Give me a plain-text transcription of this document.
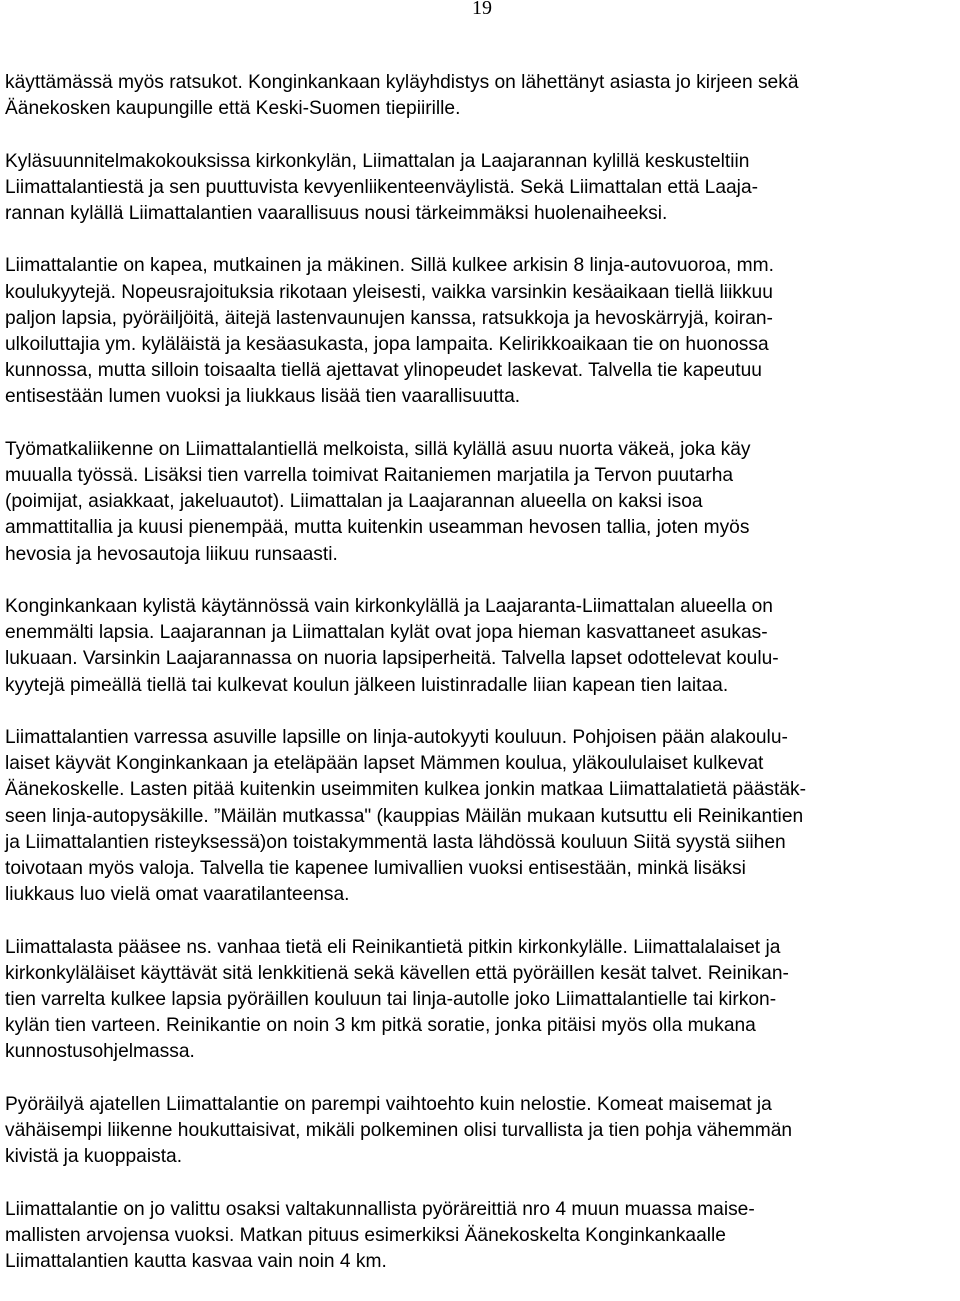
19

käyttämässä myös ratsukot. Konginkankaan kyläyhdistys on lähettänyt asiasta jo kirjeen sekä
Äänekosken kaupungille että Keski-Suomen tiepiirille.

Kyläsuunnitelmakokouksissa kirkonkylän, Liimattalan ja Laajarannan kylillä keskusteltiin
Liimattalantiestä ja sen puuttuvista kevyenliikenteenväylistä. Sekä Liimattalan että Laaja-
rannan kylällä Liimattalantien vaarallisuus nousi tärkeimmäksi huolenaiheeksi.

Liimattalantie on kapea, mutkainen ja mäkinen. Sillä kulkee arkisin 8 linja-autovuoroa, mm.
koulukyytejä. Nopeusrajoituksia rikotaan yleisesti, vaikka varsinkin kesäaikaan tiellä liikkuu
paljon lapsia, pyöräiljöitä, äitejä lastenvaunujen kanssa, ratsukkoja ja hevoskärryjä, koiran-
ulkoiluttajia ym. kyläläistä ja kesäasukasta, jopa lampaita. Kelirikkoaikaan tie on huonossa
kunnossa, mutta silloin toisaalta tiellä ajettavat ylinopeudet laskevat. Talvella tie kapeutuu
entisestään lumen vuoksi ja liukkaus lisää tien vaarallisuutta.

Työmatkaliikenne on Liimattalantiellä melkoista, sillä kylällä asuu nuorta väkeä, joka käy
muualla työssä. Lisäksi tien varrella toimivat Raitaniemen marjatila ja Tervon puutarha
(poimijat, asiakkaat, jakeluautot). Liimattalan ja Laajarannan alueella on kaksi isoa
ammattitallia ja kuusi pienempää, mutta kuitenkin useamman hevosen tallia, joten myös
hevosia ja hevosautoja liikuu runsaasti.

Konginkankaan kylistä käytännössä vain kirkonkylällä ja Laajaranta-Liimattalan alueella on
enemmälti lapsia. Laajarannan ja Liimattalan kylät ovat jopa hieman kasvattaneet asukas-
lukuaan. Varsinkin Laajarannassa on nuoria lapsiperheitä. Talvella lapset odottelevat koulu-
kyytejä pimeällä tiellä tai kulkevat koulun jälkeen luistinradalle liian kapean tien laitaa.

Liimattalantien varressa asuville lapsille on linja-autokyyti kouluun. Pohjoisen pään alakoulu-
laiset käyvät Konginkankaan ja eteläpään lapset Mämmen koulua, yläkoululaiset kulkevat
Äänekoskelle. Lasten pitää kuitenkin useimmiten kulkea jonkin matkaa Liimattalatietä päästäk-
seen linja-autopysäkille. ”Mäilän mutkassa" (kauppias Mäilän mukaan kutsuttu eli Reinikantien
ja Liimattalantien risteyksessä)on toistakymmentä lasta lähdössä kouluun Siitä syystä siihen
toivotaan myös valoja. Talvella tie kapenee lumivallien vuoksi entisestään, minkä lisäksi
liukkaus luo vielä omat vaaratilanteensa.

Liimattalasta pääsee ns. vanhaa tietä eli Reinikantietä pitkin kirkonkylälle. Liimattalalaiset ja
kirkonkyläläiset käyttävät sitä lenkkitienä sekä kävellen että pyöräillen kesät talvet. Reinikan-
tien varrelta kulkee lapsia pyöräillen kouluun tai linja-autolle joko Liimattalantielle tai kirkon-
kylän tien varteen. Reinikantie on noin 3 km pitkä soratie, jonka pitäisi myös olla mukana
kunnostusohjelmassa.

Pyöräilyä ajatellen Liimattalantie on parempi vaihtoehto kuin nelostie. Komeat maisemat ja
vähäisempi liikenne houkuttaisivat, mikäli polkeminen olisi turvallista ja tien pohja vähemmän
kivistä ja kuoppaista.

Liimattalantie on jo valittu osaksi valtakunnallista pyöräreittiä nro 4 muun muassa maise-
mallisten arvojensa vuoksi. Matkan pituus esimerkiksi Äänekoskelta Konginkankaalle
Liimattalantien kautta kasvaa vain noin 4 km.
